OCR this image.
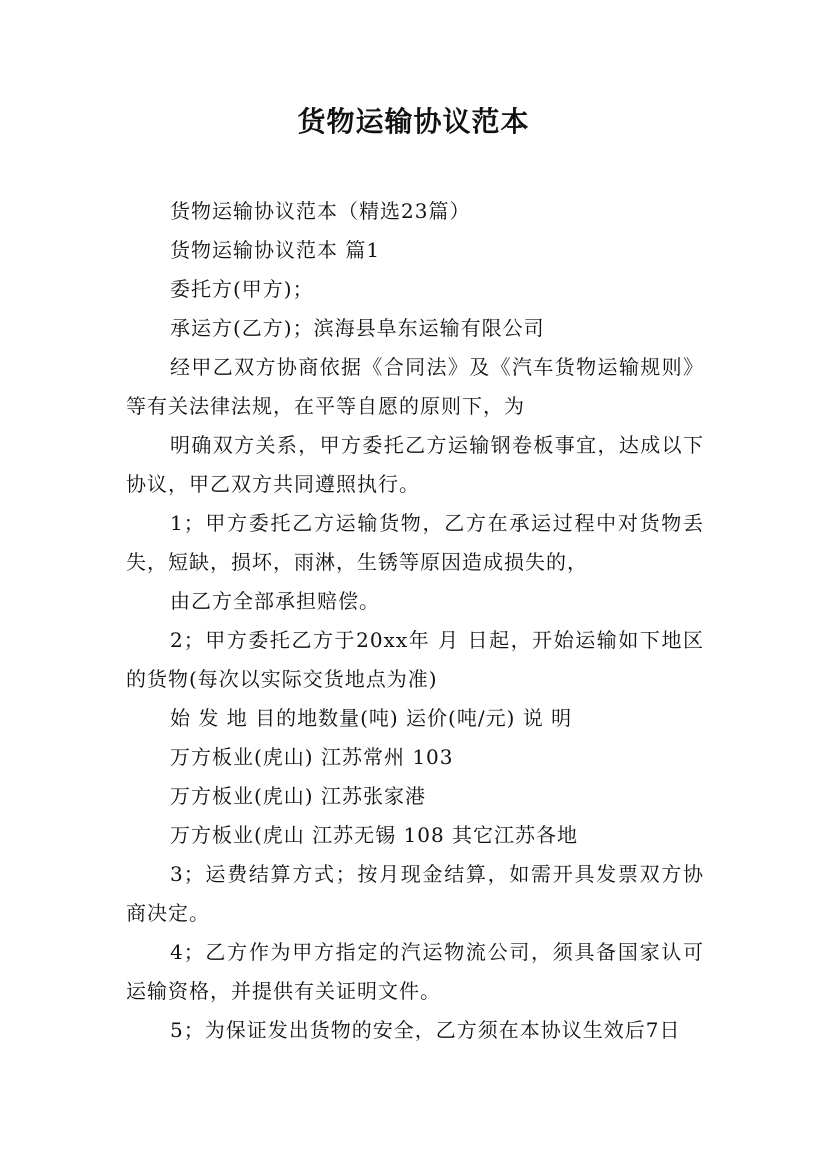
货物运输协议范本

货物运输协议范本（精选23篇）

货物运输协议范本 篇1

委托方(甲方)；

承运方(乙方)；滨海县阜东运输有限公司

经甲乙双方协商依据《合同法》及《汽车货物运输规则》等有关法律法规，在平等自愿的原则下，为

明确双方关系，甲方委托乙方运输钢卷板事宜，达成以下协议，甲乙双方共同遵照执行。

1；甲方委托乙方运输货物，乙方在承运过程中对货物丢失，短缺，损坏，雨淋，生锈等原因造成损失的，

由乙方全部承担赔偿。

2；甲方委托乙方于20xx年 月 日起，开始运输如下地区的货物(每次以实际交货地点为准)

始 发 地 目的地数量(吨) 运价(吨/元) 说 明

万方板业(虎山) 江苏常州 103

万方板业(虎山) 江苏张家港

万方板业(虎山 江苏无锡 108 其它江苏各地

3；运费结算方式；按月现金结算，如需开具发票双方协商决定。

4；乙方作为甲方指定的汽运物流公司，须具备国家认可运输资格，并提供有关证明文件。

5；为保证发出货物的安全，乙方须在本协议生效后7日
